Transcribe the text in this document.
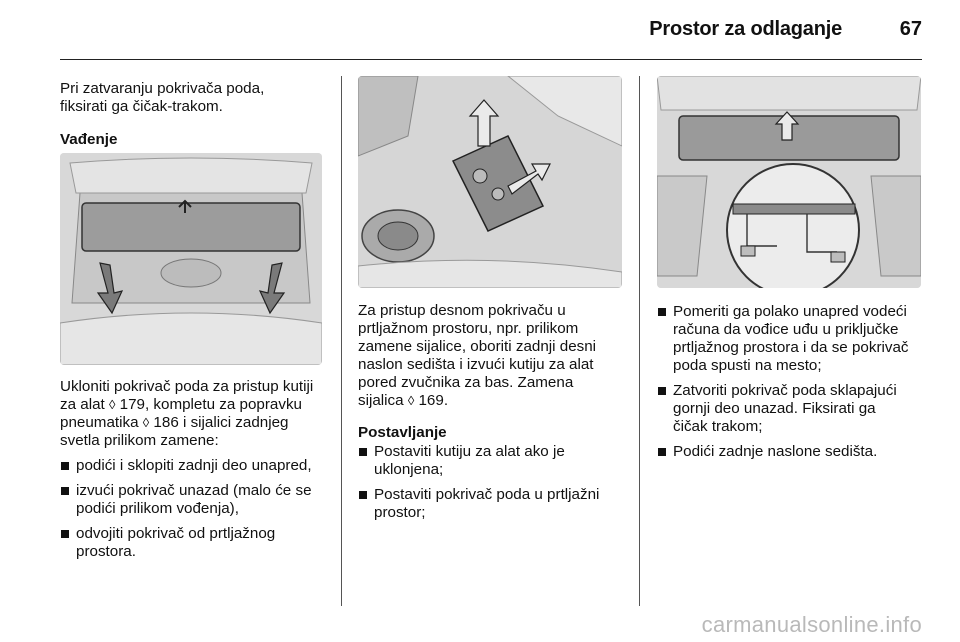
Prostor za odlaganje	67

Pri zatvaranju pokrivača poda,

fiksirati ga čičak-trakom.

Vađenje

Ukloniti pokrivač poda za pristup kutiji

za alat ◊ 179, kompletu za popravku

pneumatika ◊ 186 i sijalici zadnjeg

svetla prilikom zamene:

podići i sklopiti zadnji deo unapred,
izvući pokrivač unazad (malo će se
podići prilikom vođenja),
odvojiti pokrivač od prtljažnog
prostora.

Za pristup desnom pokrivaču u

prtljažnom prostoru, npr. prilikom

zamene sijalice, oboriti zadnji desni

naslon sedišta i izvući kutiju za alat

pored zvučnika za bas. Zamena

sijalica ◊ 169.

Postavljanje

Postaviti kutiju za alat ako je
uklonjena;
Postaviti pokrivač poda u prtljažni
prostor;
Pomeriti ga polako unapred vodeći
računa da vođice uđu u priključke
prtljažnog prostora i da se pokrivač
poda spusti na mesto;
Zatvoriti pokrivač poda sklapajući
gornji deo unazad. Fiksirati ga
čičak trakom;
Podići zadnje naslone sedišta.
carmanualsonline.info
